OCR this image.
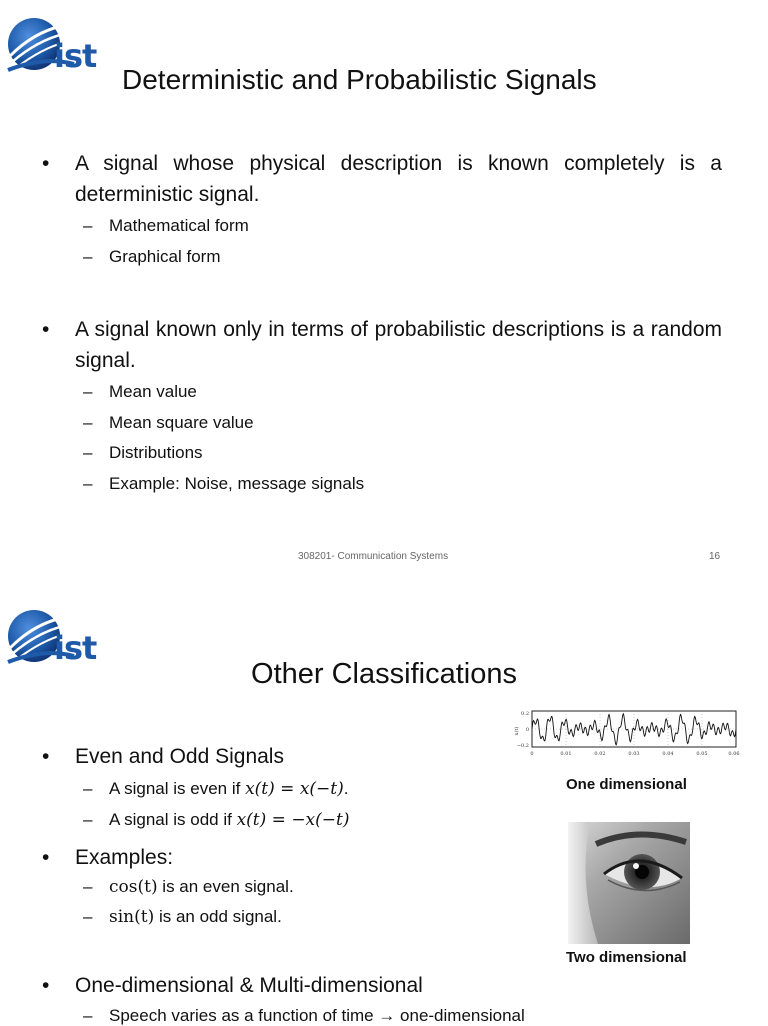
ist
Deterministic and Probabilistic Signals
• A signal whose physical description is known completely is a deterministic signal.
– Mathematical form
– Graphical form
• A signal known only in terms of probabilistic descriptions is a random signal.
– Mean value
– Mean square value
– Distributions
– Example: Noise, message signals
308201- Communication Systems	16
ist
Other Classifications
• Even and Odd Signals
– A signal is even if x(t) = x(−t).
– A signal is odd if x(t) = −x(−t)
• Examples:
– cos(t) is an even signal.
– sin(t) is an odd signal.
• One-dimensional & Multi-dimensional
– Speech varies as a function of time → one-dimensional
0	0.01	0.02	0.03	0.04	0.05	0.06
0.2
0
−0.2
x(t)
One dimensional
Two dimensional
